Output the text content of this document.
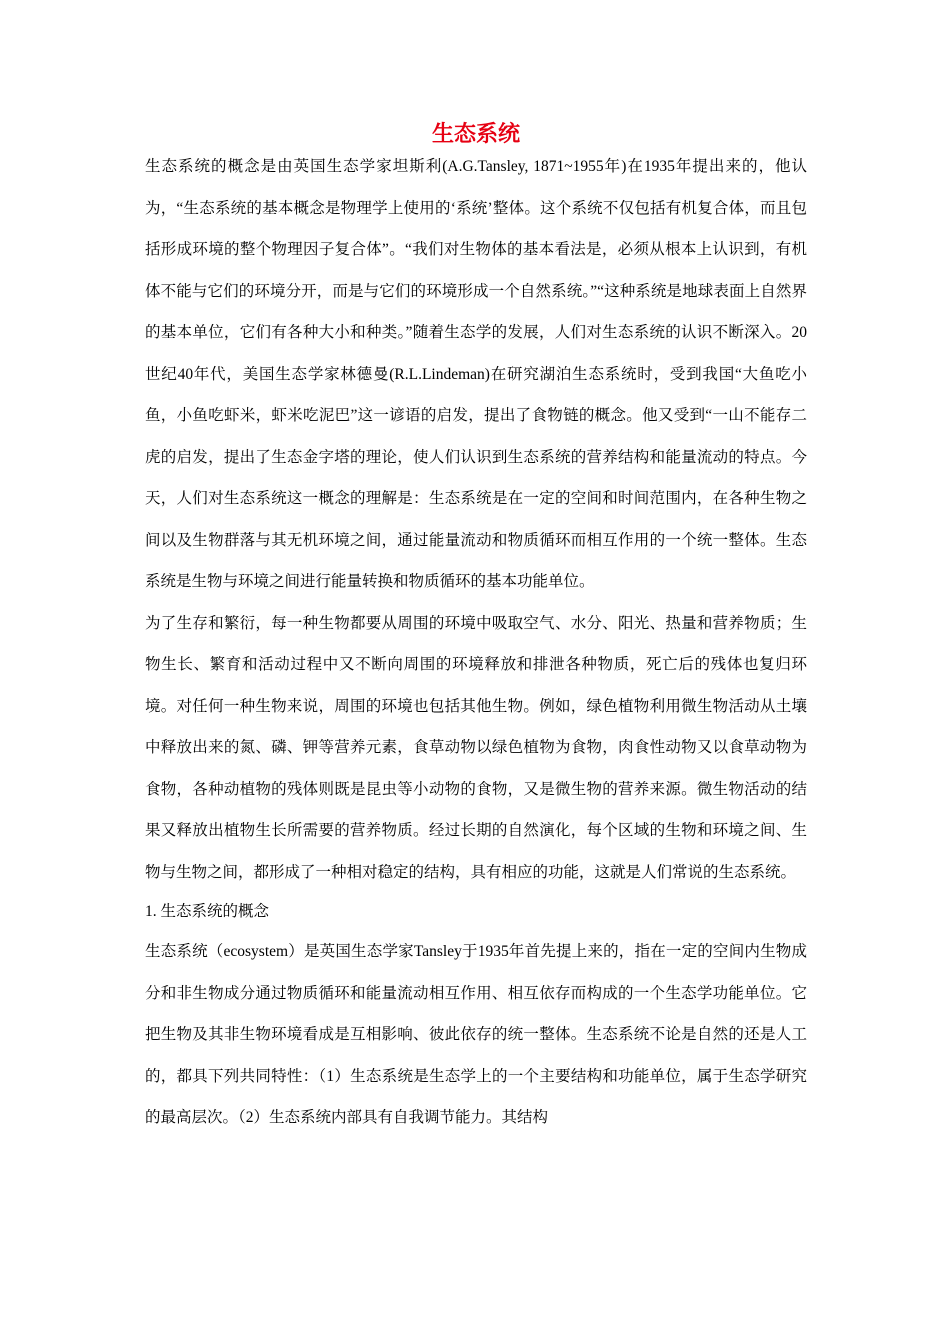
生态系统

生态系统的概念是由英国生态学家坦斯利(A.G.Tansley, 1871~1955年)在1935年提出来的，他认为，“生态系统的基本概念是物理学上使用的‘系统’整体。这个系统不仅包括有机复合体，而且包括形成环境的整个物理因子复合体”。“我们对生物体的基本看法是，必须从根本上认识到，有机体不能与它们的环境分开，而是与它们的环境形成一个自然系统。”“这种系统是地球表面上自然界的基本单位，它们有各种大小和种类。”随着生态学的发展，人们对生态系统的认识不断深入。20世纪40年代，美国生态学家林德曼(R.L.Lindeman)在研究湖泊生态系统时，受到我国“大鱼吃小鱼，小鱼吃虾米，虾米吃泥巴”这一谚语的启发，提出了食物链的概念。他又受到“一山不能存二虎的启发，提出了生态金字塔的理论，使人们认识到生态系统的营养结构和能量流动的特点。今天，人们对生态系统这一概念的理解是：生态系统是在一定的空间和时间范围内，在各种生物之间以及生物群落与其无机环境之间，通过能量流动和物质循环而相互作用的一个统一整体。生态系统是生物与环境之间进行能量转换和物质循环的基本功能单位。

为了生存和繁衍，每一种生物都要从周围的环境中吸取空气、水分、阳光、热量和营养物质；生物生长、繁育和活动过程中又不断向周围的环境释放和排泄各种物质，死亡后的残体也复归环境。对任何一种生物来说，周围的环境也包括其他生物。例如，绿色植物利用微生物活动从土壤中释放出来的氮、磷、钾等营养元素，食草动物以绿色植物为食物，肉食性动物又以食草动物为食物，各种动植物的残体则既是昆虫等小动物的食物，又是微生物的营养来源。微生物活动的结果又释放出植物生长所需要的营养物质。经过长期的自然演化，每个区域的生物和环境之间、生物与生物之间，都形成了一种相对稳定的结构，具有相应的功能，这就是人们常说的生态系统。

1. 生态系统的概念

生态系统（ecosystem）是英国生态学家Tansley于1935年首先提上来的，指在一定的空间内生物成分和非生物成分通过物质循环和能量流动相互作用、相互依存而构成的一个生态学功能单位。它把生物及其非生物环境看成是互相影响、彼此依存的统一整体。生态系统不论是自然的还是人工的，都具下列共同特性：（1）生态系统是生态学上的一个主要结构和功能单位，属于生态学研究的最高层次。（2）生态系统内部具有自我调节能力。其结构
